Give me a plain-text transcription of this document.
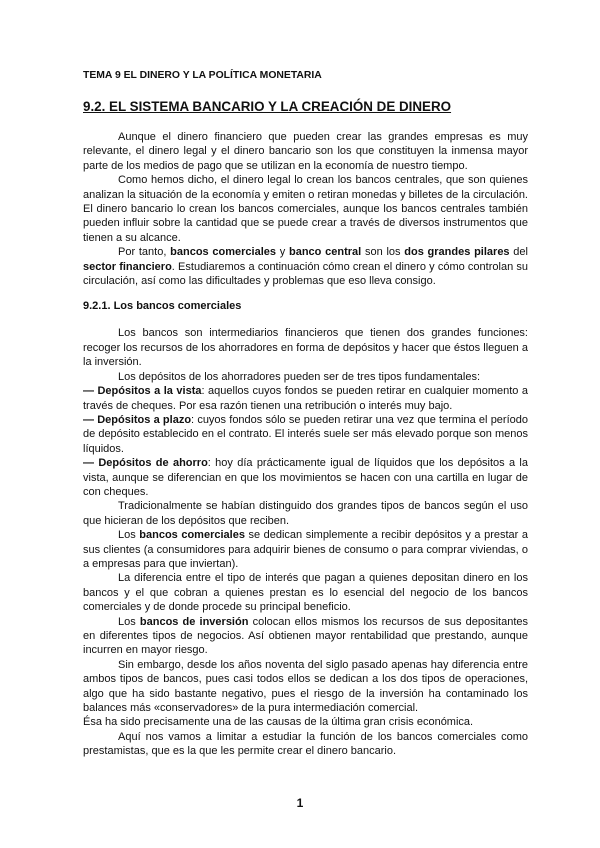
TEMA 9 EL DINERO Y LA POLÍTICA MONETARIA
9.2. EL SISTEMA BANCARIO Y LA CREACIÓN DE DINERO

Aunque el dinero financiero que pueden crear las grandes empresas es muy relevante, el dinero legal y el dinero bancario son los que constituyen la inmensa mayor parte de los medios de pago que se utilizan en la economía de nuestro tiempo.

Como hemos dicho, el dinero legal lo crean los bancos centrales, que son quienes analizan la situación de la economía y emiten o retiran monedas y billetes de la circulación. El dinero bancario lo crean los bancos comerciales, aunque los bancos centrales también pueden influir sobre la cantidad que se puede crear a través de diversos instrumentos que tienen a su alcance.

Por tanto, bancos comerciales y banco central son los dos grandes pilares del sector financiero. Estudiaremos a continuación cómo crean el dinero y cómo controlan su circulación, así como las dificultades y problemas que eso lleva consigo.

9.2.1. Los bancos comerciales

Los bancos son intermediarios financieros que tienen dos grandes funciones: recoger los recursos de los ahorradores en forma de depósitos y hacer que éstos lleguen a la inversión.

Los depósitos de los ahorradores pueden ser de tres tipos fundamentales:

— Depósitos a la vista: aquellos cuyos fondos se pueden retirar en cualquier momento a través de cheques. Por esa razón tienen una retribución o interés muy bajo.

— Depósitos a plazo: cuyos fondos sólo se pueden retirar una vez que termina el período de depósito establecido en el contrato. El interés suele ser más elevado porque son menos líquidos.

— Depósitos de ahorro: hoy día prácticamente igual de líquidos que los depósitos a la vista, aunque se diferencian en que los movimientos se hacen con una cartilla en lugar de con cheques.

Tradicionalmente se habían distinguido dos grandes tipos de bancos según el uso que hicieran de los depósitos que reciben.

Los bancos comerciales se dedican simplemente a recibir depósitos y a prestar a sus clientes (a consumidores para adquirir bienes de consumo o para comprar viviendas, o a empresas para que inviertan).

La diferencia entre el tipo de interés que pagan a quienes depositan dinero en los bancos y el que cobran a quienes prestan es lo esencial del negocio de los bancos comerciales y de donde procede su principal beneficio.

Los bancos de inversión colocan ellos mismos los recursos de sus depositantes en diferentes tipos de negocios. Así obtienen mayor rentabilidad que prestando, aunque incurren en mayor riesgo.

Sin embargo, desde los años noventa del siglo pasado apenas hay diferencia entre ambos tipos de bancos, pues casi todos ellos se dedican a los dos tipos de operaciones, algo que ha sido bastante negativo, pues el riesgo de la inversión ha contaminado los balances más «conservadores» de la pura intermediación comercial.

Ésa ha sido precisamente una de las causas de la última gran crisis económica.

Aquí nos vamos a limitar a estudiar la función de los bancos comerciales como prestamistas, que es la que les permite crear el dinero bancario.

1
